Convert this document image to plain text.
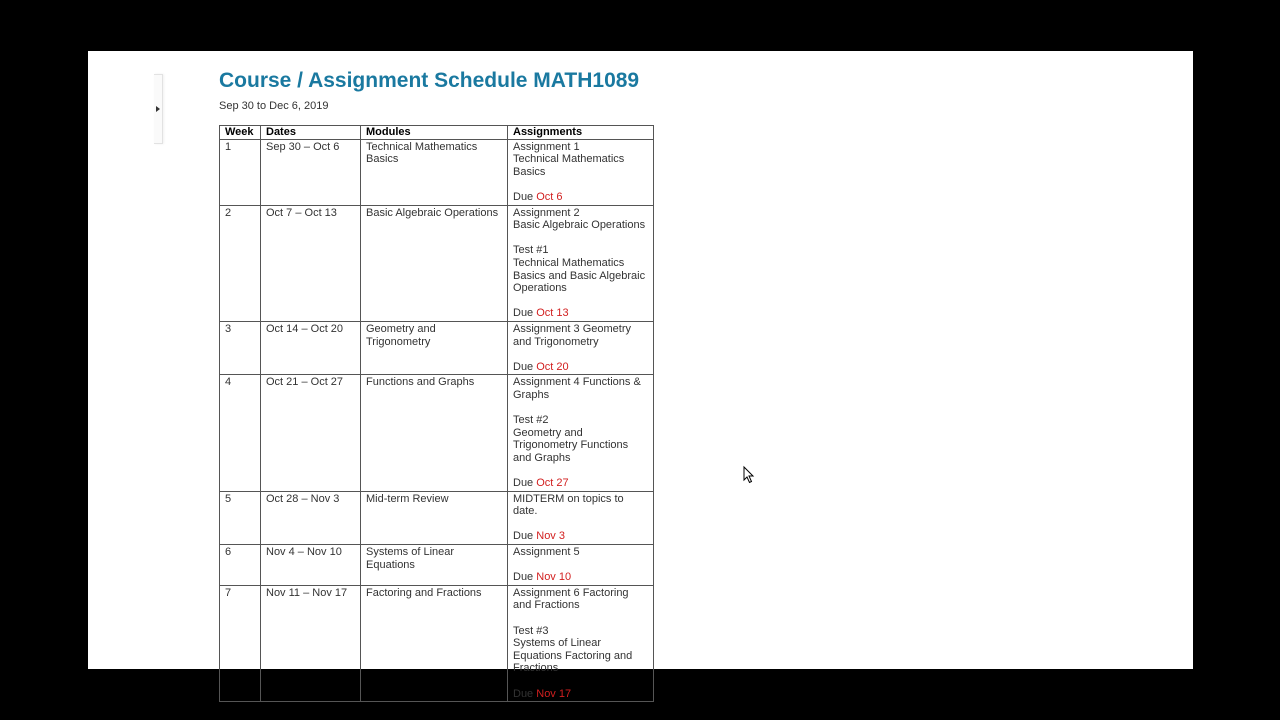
Course / Assignment Schedule MATH1089

Sep 30 to Dec 6, 2019

Week	Dates	Modules	Assignments
1	Sep 30 – Oct 6	Technical Mathematics Basics	Assignment 1
Technical Mathematics Basics
Due Oct 6

2	Oct 7 – Oct 13	Basic Algebraic Operations	Assignment 2
Basic Algebraic Operations
Test #1
Technical Mathematics Basics and Basic Algebraic Operations
Due Oct 13

3	Oct 14 – Oct 20	Geometry and Trigonometry	Assignment 3 Geometry and Trigonometry
Due Oct 20

4	Oct 21 – Oct 27	Functions and Graphs	Assignment 4 Functions & Graphs
Test #2
Geometry and Trigonometry Functions and Graphs
Due Oct 27

5	Oct 28 – Nov 3	Mid-term Review	MIDTERM on topics to date.
Due Nov 3

6	Nov 4 – Nov 10	Systems of Linear Equations	Assignment 5
Due Nov 10

7	Nov 11 – Nov 17	Factoring and Fractions	Assignment 6 Factoring and Fractions
Test #3
Systems of Linear Equations Factoring and Fractions
Due Nov 17
